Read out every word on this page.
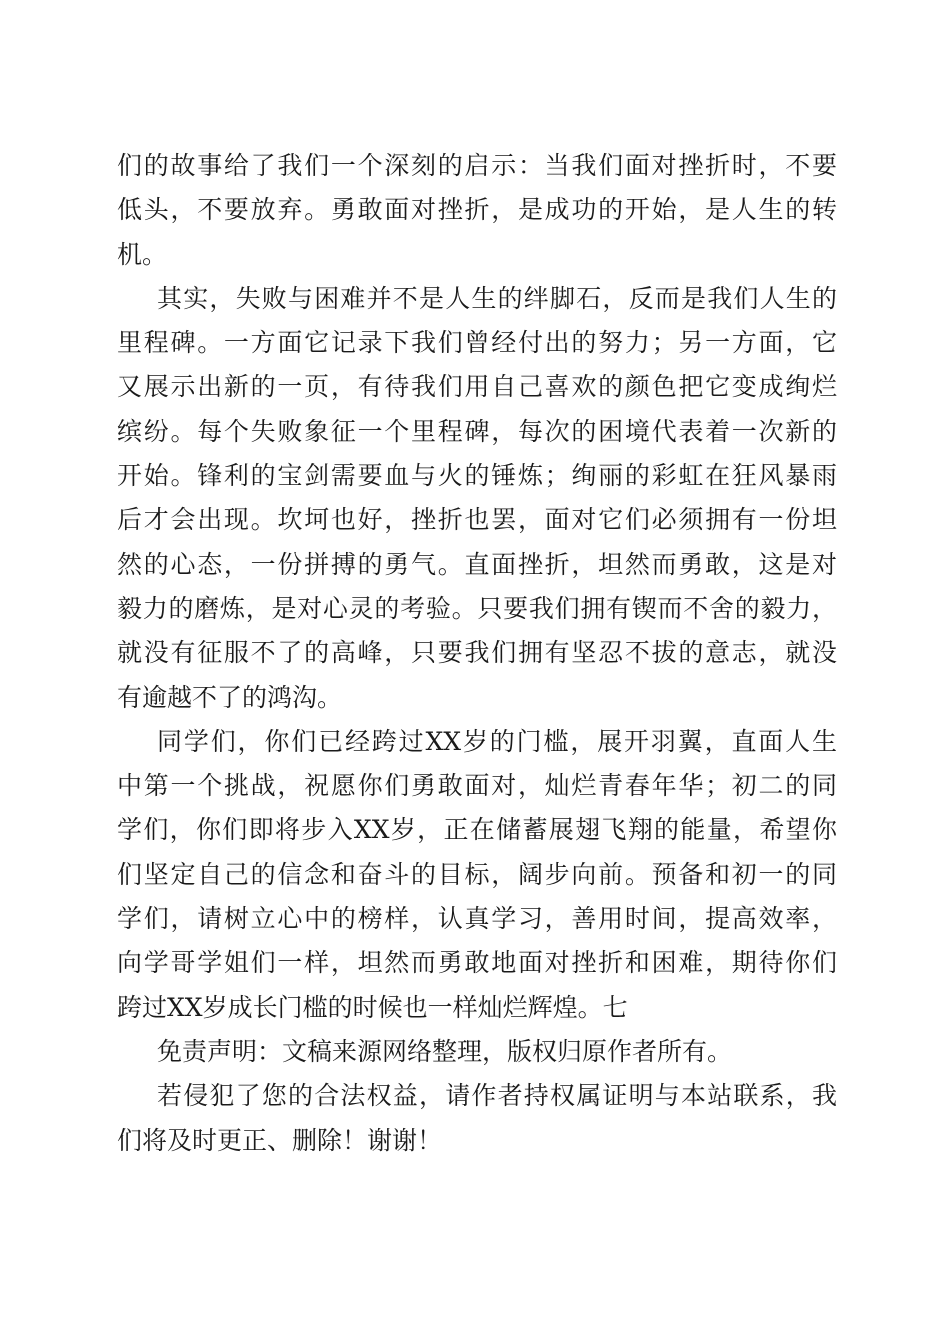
们的故事给了我们一个深刻的启示：当我们面对挫折时，不要
低头，不要放弃。勇敢面对挫折，是成功的开始，是人生的转
机。
其实，失败与困难并不是人生的绊脚石，反而是我们人生的
里程碑。一方面它记录下我们曾经付出的努力；另一方面，它
又展示出新的一页，有待我们用自己喜欢的颜色把它变成绚烂
缤纷。每个失败象征一个里程碑，每次的困境代表着一次新的
开始。锋利的宝剑需要血与火的锤炼；绚丽的彩虹在狂风暴雨
后才会出现。坎坷也好，挫折也罢，面对它们必须拥有一份坦
然的心态，一份拼搏的勇气。直面挫折，坦然而勇敢，这是对
毅力的磨炼，是对心灵的考验。只要我们拥有锲而不舍的毅力，
就没有征服不了的高峰，只要我们拥有坚忍不拔的意志，就没
有逾越不了的鸿沟。
同学们，你们已经跨过XX岁的门槛，展开羽翼，直面人生
中第一个挑战，祝愿你们勇敢面对，灿烂青春年华；初二的同
学们，你们即将步入XX岁，正在储蓄展翅飞翔的能量，希望你
们坚定自己的信念和奋斗的目标，阔步向前。预备和初一的同
学们，请树立心中的榜样，认真学习，善用时间，提高效率，
向学哥学姐们一样，坦然而勇敢地面对挫折和困难，期待你们
跨过XX岁成长门槛的时候也一样灿烂辉煌。七
免责声明：文稿来源网络整理，版权归原作者所有。
若侵犯了您的合法权益，请作者持权属证明与本站联系，我
们将及时更正、删除！谢谢！
